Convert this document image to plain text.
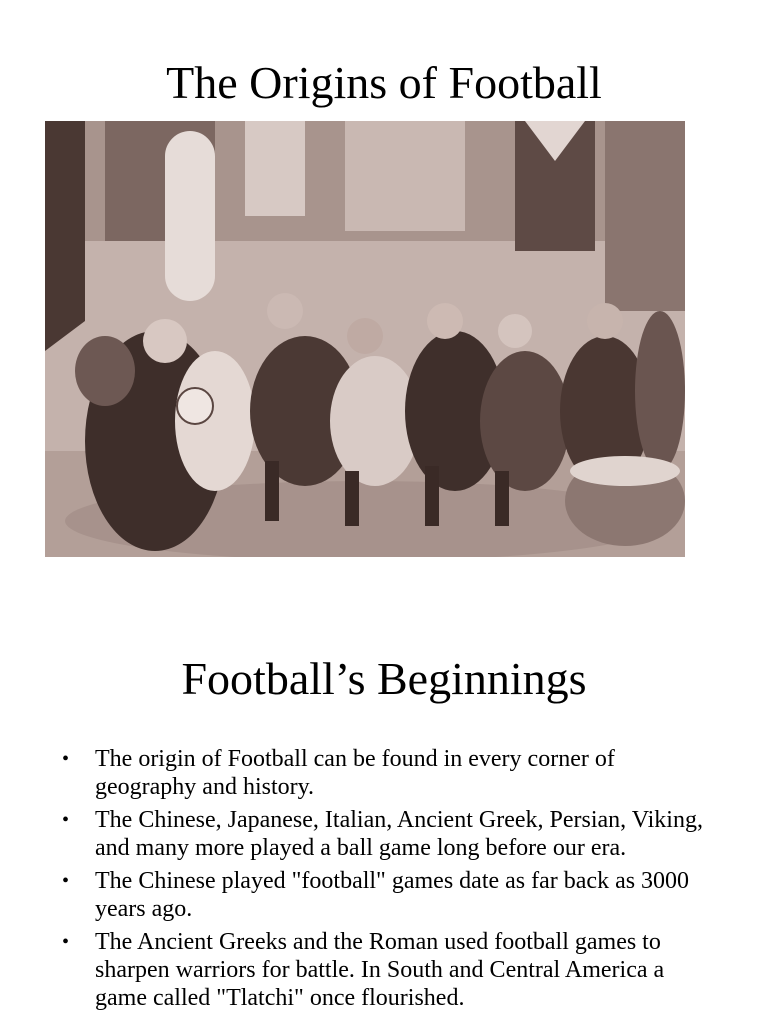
The Origins of Football
Football’s Beginnings
• The origin of Football can be found in every corner of geography and history.
• The Chinese, Japanese, Italian, Ancient Greek, Persian, Viking, and many more played a ball game long before our era.
• The Chinese played "football" games date as far back as 3000 years ago.
• The Ancient Greeks and the Roman used football games to sharpen warriors for battle. In South and Central America a game called "Tlatchi" once flourished.
